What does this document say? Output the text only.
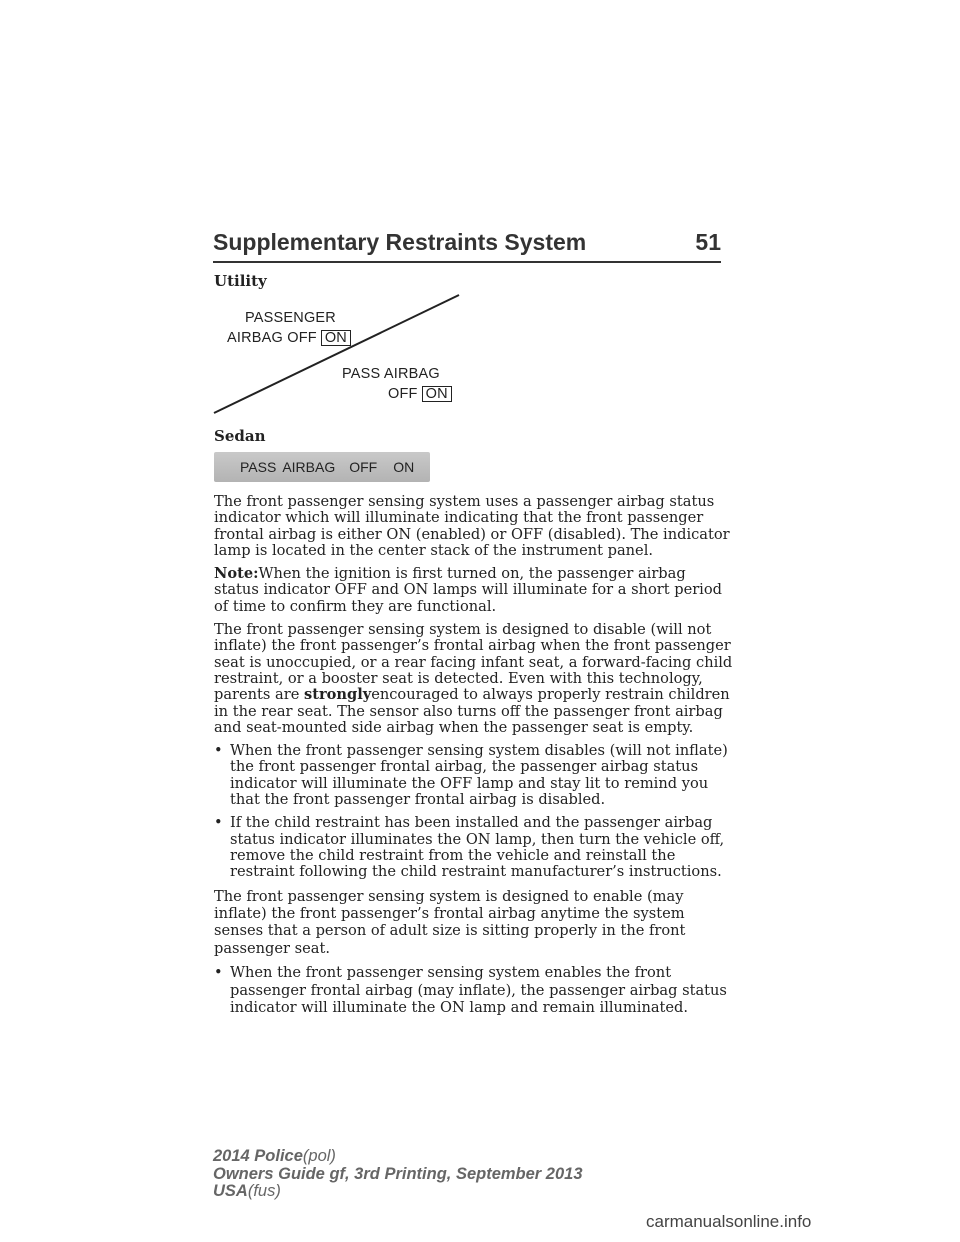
Supplementary Restraints System	51
Utility
PASSENGER
AIRBAG OFF ON
PASS AIRBAG
OFF ON
Sedan
PASS AIRBAG OFF ON

The front passenger sensing system uses a passenger airbag status indicator which will illuminate indicating that the front passenger frontal airbag is either ON (enabled) or OFF (disabled). The indicator lamp is located in the center stack of the instrument panel.

Note:When the ignition is first turned on, the passenger airbag status indicator OFF and ON lamps will illuminate for a short period of time to confirm they are functional.

The front passenger sensing system is designed to disable (will not inflate) the front passenger’s frontal airbag when the front passenger seat is unoccupied, or a rear facing infant seat, a forward-facing child restraint, or a booster seat is detected. Even with this technology, parents are stronglyencouraged to always properly restrain children in the rear seat. The sensor also turns off the passenger front airbag and seat-mounted side airbag when the passenger seat is empty.

• When the front passenger sensing system disables (will not inflate) the front passenger frontal airbag, the passenger airbag status indicator will illuminate the OFF lamp and stay lit to remind you that the front passenger frontal airbag is disabled.
• If the child restraint has been installed and the passenger airbag status indicator illuminates the ON lamp, then turn the vehicle off, remove the child restraint from the vehicle and reinstall the restraint following the child restraint manufacturer’s instructions.

The front passenger sensing system is designed to enable (may inflate) the front passenger’s frontal airbag anytime the system senses that a person of adult size is sitting properly in the front passenger seat.

• When the front passenger sensing system enables the front passenger frontal airbag (may inflate), the passenger airbag status indicator will illuminate the ON lamp and remain illuminated.
2014 Police(pol)
Owners Guide gf, 3rd Printing, September 2013
USA(fus)
carmanualsonline.info
